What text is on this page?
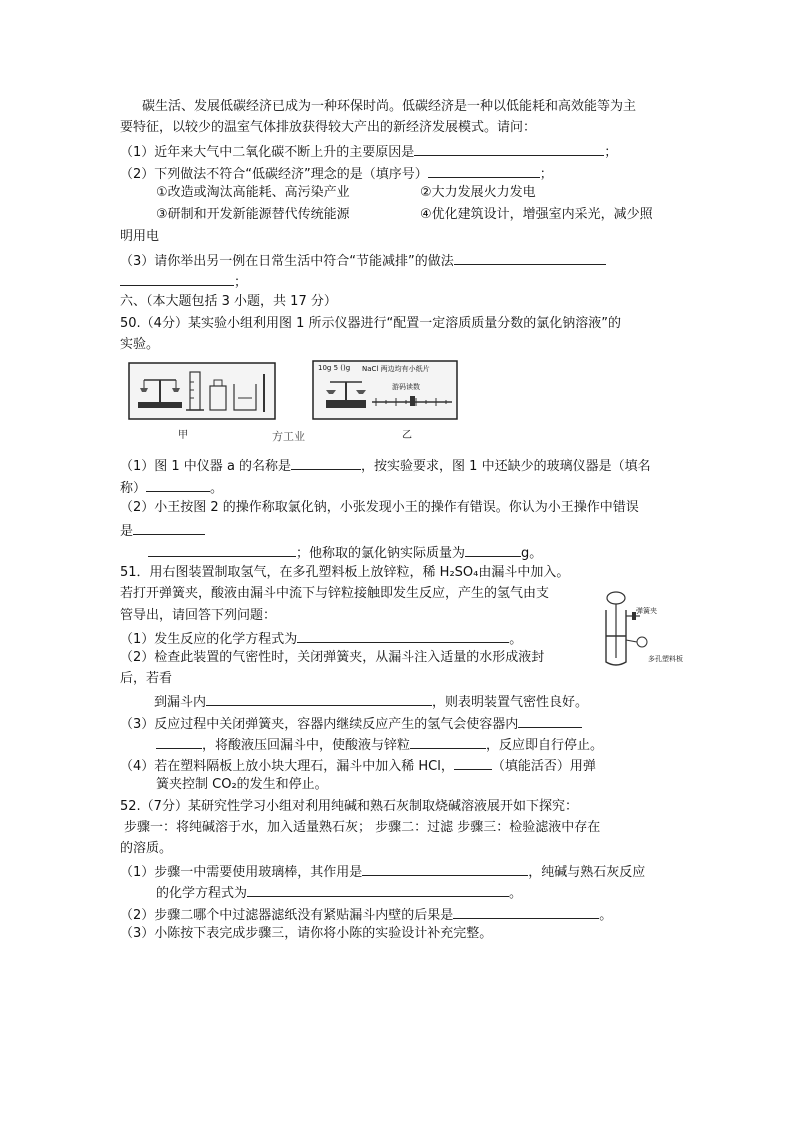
碳生活、发展低碳经济已成为一种环保时尚。低碳经济是一种以低能耗和高效能等为主
要特征，以较少的温室气体排放获得较大产出的新经济发展模式。请问：
（1）近年来大气中二氧化碳不断上升的主要原因是	；
（2）下列做法不符合“低碳经济”理念的是（填序号）	；
①改造或淘汰高能耗、高污染产业	②大力发展火力发电
③研制和开发新能源替代传统能源	④优化建筑设计，增强室内采光，减少照
明用电
（3）请你举出另一例在日常生活中符合“节能减排”的做法
；
六、（本大题包括 3 小题，共 17 分）
50.（4分）某实验小组利用图 1 所示仪器进行“配置一定溶质质量分数的氯化钠溶液”的
实验。
甲	方工业
10g 5 ()g NaCl 两边均有小纸片
游码读数
乙
（1）图 1 中仪器 a 的名称是	，按实验要求，图 1 中还缺少的玻璃仪器是（填名
称）	。
（2）小王按图 2 的操作称取氯化钠，小张发现小王的操作有错误。你认为小王操作中错误
是
；他称取的氯化钠实际质量为	g。
51．用右图装置制取氢气，在多孔塑料板上放锌粒，稀 H₂SO₄由漏斗中加入。
若打开弹簧夹，酸液由漏斗中流下与锌粒接触即发生反应，产生的氢气由支
管导出，请回答下列问题：	弹簧夹
多孔塑料板
（1）发生反应的化学方程式为	。
（2）检查此装置的气密性时，关闭弹簧夹，从漏斗注入适量的水形成液封
后，若看
到漏斗内	，则表明装置气密性良好。
（3）反应过程中关闭弹簧夹，容器内继续反应产生的氢气会使容器内
，将酸液压回漏斗中，使酸液与锌粒	，反应即自行停止。
（4）若在塑料隔板上放小块大理石，漏斗中加入稀 HCl，	（填能活否）用弹
簧夹控制 CO₂的发生和停止。
52.（7分）某研究性学习小组对利用纯碱和熟石灰制取烧碱溶液展开如下探究：
步骤一：将纯碱溶于水，加入适量熟石灰； 步骤二：过滤 步骤三：检验滤液中存在
的溶质。
（1）步骤一中需要使用玻璃棒，其作用是	，纯碱与熟石灰反应
的化学方程式为	。
（2）步骤二哪个中过滤器滤纸没有紧贴漏斗内壁的后果是	。
（3）小陈按下表完成步骤三，请你将小陈的实验设计补充完整。
